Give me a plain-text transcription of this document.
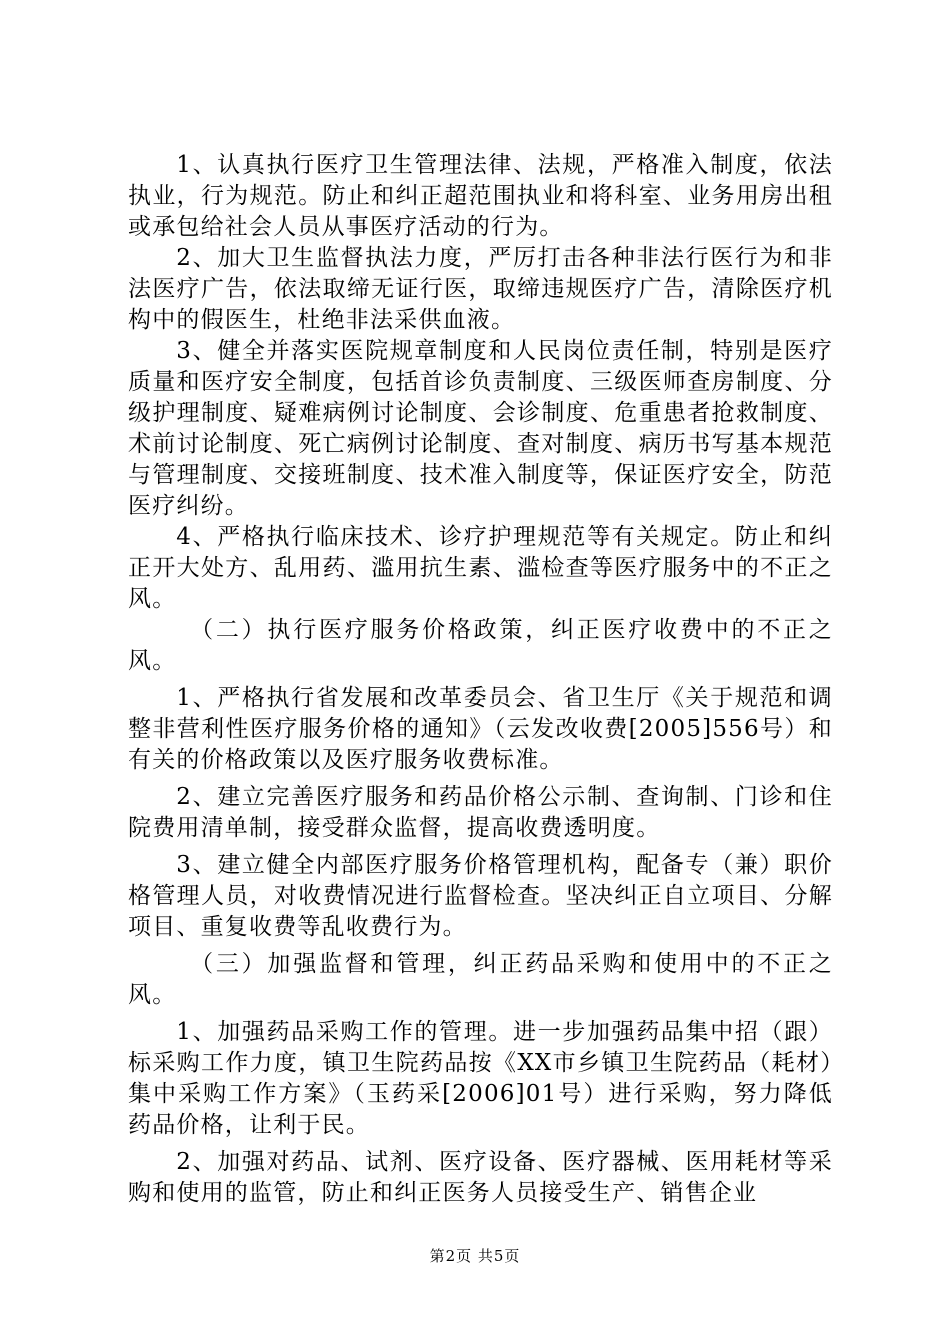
1、认真执行医疗卫生管理法律、法规，严格准入制度，依法执业，行为规范。防止和纠正超范围执业和将科室、业务用房出租或承包给社会人员从事医疗活动的行为。

2、加大卫生监督执法力度，严厉打击各种非法行医行为和非法医疗广告，依法取缔无证行医，取缔违规医疗广告，清除医疗机构中的假医生，杜绝非法采供血液。

3、健全并落实医院规章制度和人民岗位责任制，特别是医疗质量和医疗安全制度，包括首诊负责制度、三级医师查房制度、分级护理制度、疑难病例讨论制度、会诊制度、危重患者抢救制度、术前讨论制度、死亡病例讨论制度、查对制度、病历书写基本规范与管理制度、交接班制度、技术准入制度等，保证医疗安全，防范医疗纠纷。

4、严格执行临床技术、诊疗护理规范等有关规定。防止和纠正开大处方、乱用药、滥用抗生素、滥检查等医疗服务中的不正之风。

（二）执行医疗服务价格政策，纠正医疗收费中的不正之风。

1、严格执行省发展和改革委员会、省卫生厅《关于规范和调整非营利性医疗服务价格的通知》（云发改收费[2005]556号）和有关的价格政策以及医疗服务收费标准。

2、建立完善医疗服务和药品价格公示制、查询制、门诊和住院费用清单制，接受群众监督，提高收费透明度。

3、建立健全内部医疗服务价格管理机构，配备专（兼）职价格管理人员，对收费情况进行监督检查。坚决纠正自立项目、分解项目、重复收费等乱收费行为。

（三）加强监督和管理，纠正药品采购和使用中的不正之风。

1、加强药品采购工作的管理。进一步加强药品集中招（跟）标采购工作力度，镇卫生院药品按《XX市乡镇卫生院药品（耗材）集中采购工作方案》（玉药采[2006]01号）进行采购，努力降低药品价格，让利于民。

2、加强对药品、试剂、医疗设备、医疗器械、医用耗材等采购和使用的监管，防止和纠正医务人员接受生产、销售企业

第2页 共5页
